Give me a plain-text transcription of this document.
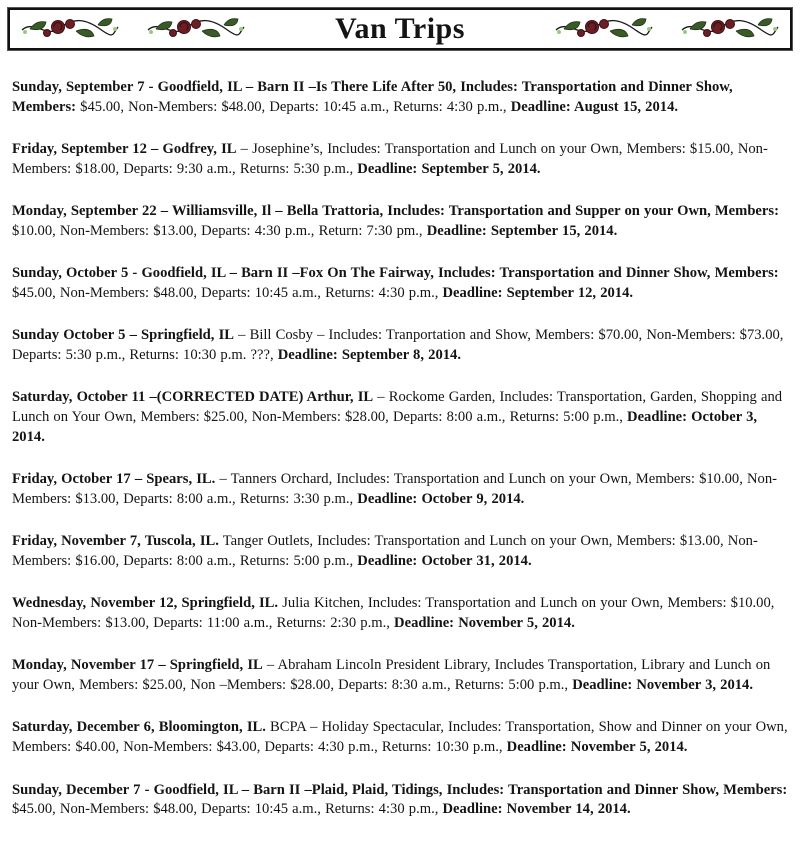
Van Trips

Sunday, September 7 - Goodfield, IL – Barn II –Is There Life After 50, Includes: Transportation and Dinner Show, Members: $45.00, Non-Members: $48.00, Departs: 10:45 a.m., Returns: 4:30 p.m., Deadline: August 15, 2014.

Friday, September 12 – Godfrey, IL – Josephine’s, Includes: Transportation and Lunch on your Own, Members: $15.00, Non-Members: $18.00, Departs: 9:30 a.m., Returns: 5:30 p.m., Deadline: September 5, 2014.

Monday, September 22 – Williamsville, Il – Bella Trattoria, Includes: Transportation and Supper on your Own, Members: $10.00, Non-Members: $13.00, Departs: 4:30 p.m., Return: 7:30 pm., Deadline: September 15, 2014.

Sunday, October 5 - Goodfield, IL – Barn II –Fox On The Fairway, Includes: Transportation and Dinner Show, Members: $45.00, Non-Members: $48.00, Departs: 10:45 a.m., Returns: 4:30 p.m., Deadline: September 12, 2014.

Sunday October 5 – Springfield, IL – Bill Cosby – Includes: Tranportation and Show, Members: $70.00, Non-Members: $73.00, Departs: 5:30 p.m., Returns: 10:30 p.m. ???, Deadline: September 8, 2014.

Saturday, October 11 –(CORRECTED DATE) Arthur, IL – Rockome Garden, Includes: Transportation, Garden, Shopping and Lunch on Your Own, Members: $25.00, Non-Members: $28.00, Departs: 8:00 a.m., Returns: 5:00 p.m., Deadline: October 3, 2014.

Friday, October 17 – Spears, IL. – Tanners Orchard, Includes: Transportation and Lunch on your Own, Members: $10.00, Non-Members: $13.00, Departs: 8:00 a.m., Returns: 3:30 p.m., Deadline: October 9, 2014.

Friday, November 7, Tuscola, IL. Tanger Outlets, Includes: Transportation and Lunch on your Own, Members: $13.00, Non-Members: $16.00, Departs: 8:00 a.m., Returns: 5:00 p.m., Deadline: October 31, 2014.

Wednesday, November 12, Springfield, IL. Julia Kitchen, Includes: Transportation and Lunch on your Own, Members: $10.00, Non-Members: $13.00, Departs: 11:00 a.m., Returns: 2:30 p.m., Deadline: November 5, 2014.

Monday, November 17 – Springfield, IL – Abraham Lincoln President Library, Includes Transportation, Library and Lunch on your Own, Members: $25.00, Non –Members: $28.00, Departs: 8:30 a.m., Returns: 5:00 p.m., Deadline: November 3, 2014.

Saturday, December 6, Bloomington, IL. BCPA – Holiday Spectacular, Includes: Transportation, Show and Dinner on your Own, Members: $40.00, Non-Members: $43.00, Departs: 4:30 p.m., Returns: 10:30 p.m., Deadline: November 5, 2014.

Sunday, December 7 - Goodfield, IL – Barn II –Plaid, Plaid, Tidings, Includes: Transportation and Dinner Show, Members: $45.00, Non-Members: $48.00, Departs: 10:45 a.m., Returns: 4:30 p.m., Deadline: November 14, 2014.
